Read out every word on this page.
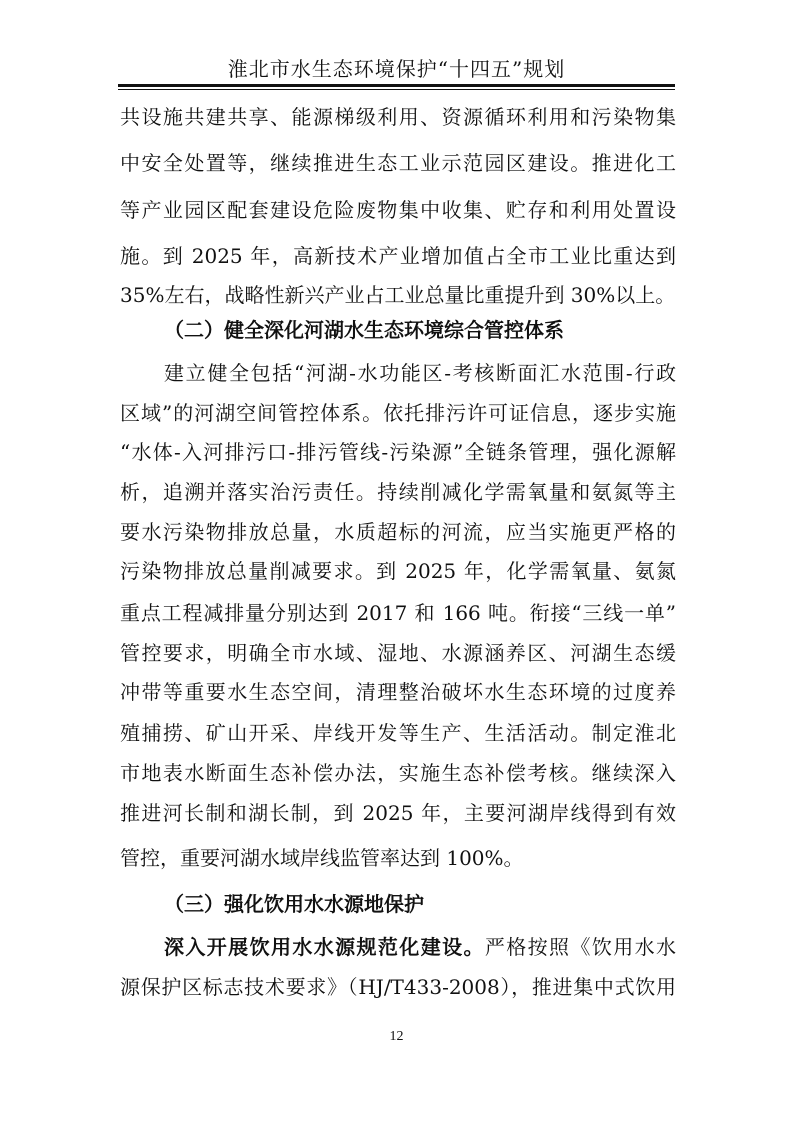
淮北市水生态环境保护“十四五”规划
共设施共建共享、能源梯级利用、资源循环利用和污染物集
中安全处置等，继续推进生态工业示范园区建设。推进化工
等产业园区配套建设危险废物集中收集、贮存和利用处置设
施。到 2025 年，高新技术产业增加值占全市工业比重达到
35%左右，战略性新兴产业占工业总量比重提升到 30%以上。
（二）健全深化河湖水生态环境综合管控体系
建立健全包括“河湖-水功能区-考核断面汇水范围-行政
区域”的河湖空间管控体系。依托排污许可证信息，逐步实施
“水体-入河排污口-排污管线-污染源”全链条管理，强化源解
析，追溯并落实治污责任。持续削减化学需氧量和氨氮等主
要水污染物排放总量，水质超标的河流，应当实施更严格的
污染物排放总量削减要求。到 2025 年，化学需氧量、氨氮
重点工程减排量分别达到 2017 和 166 吨。衔接“三线一单”
管控要求，明确全市水域、湿地、水源涵养区、河湖生态缓
冲带等重要水生态空间，清理整治破坏水生态环境的过度养
殖捕捞、矿山开采、岸线开发等生产、生活活动。制定淮北
市地表水断面生态补偿办法，实施生态补偿考核。继续深入
推进河长制和湖长制，到 2025 年，主要河湖岸线得到有效
管控，重要河湖水域岸线监管率达到 100%。
（三）强化饮用水水源地保护
深入开展饮用水水源规范化建设。严格按照《饮用水水
源保护区标志技术要求》（HJ/T433-2008），推进集中式饮用
12
